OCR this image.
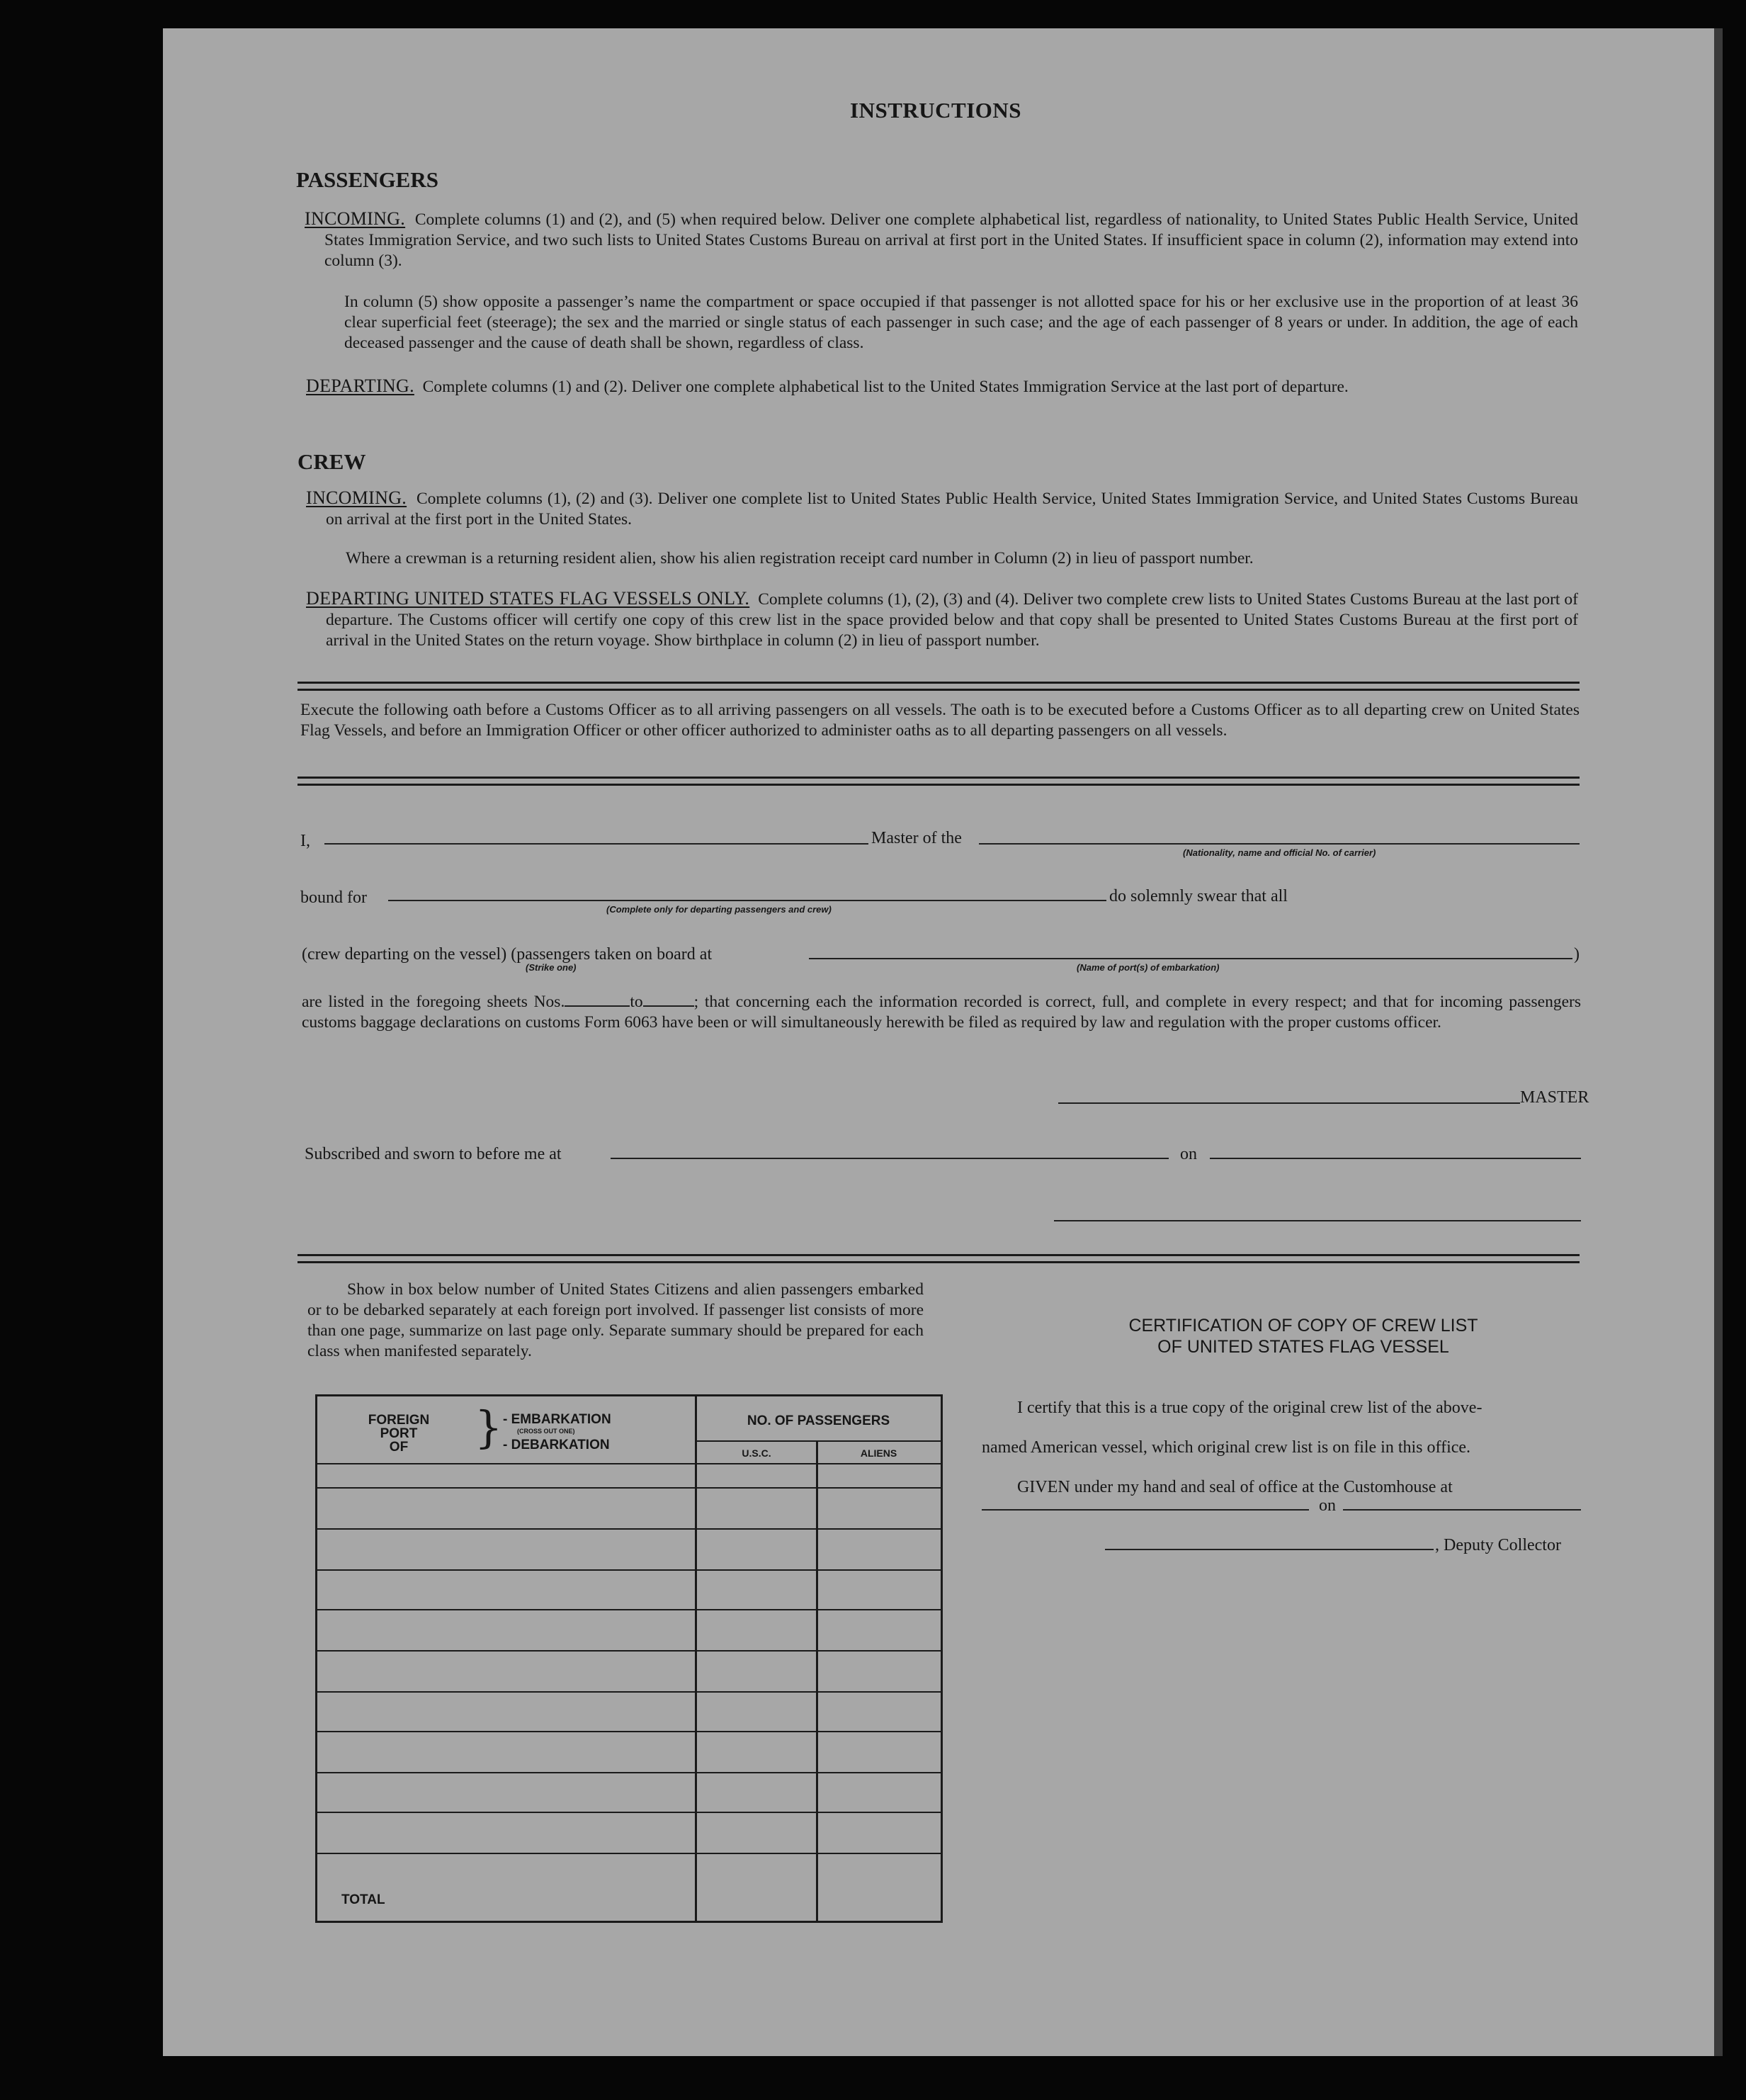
INSTRUCTIONS
PASSENGERS
INCOMING. Complete columns (1) and (2), and (5) when required below. Deliver one complete alphabetical list, regardless of nationality, to United States Public Health Service, United States Immigration Service, and two such lists to United States Customs Bureau on arrival at first port in the United States. If insufficient space in column (2), information may extend into column (3).
In column (5) show opposite a passenger’s name the compartment or space occupied if that passenger is not allotted space for his or her exclusive use in the proportion of at least 36 clear superficial feet (steerage); the sex and the married or single status of each passenger in such case; and the age of each passenger of 8 years or under. In addition, the age of each deceased passenger and the cause of death shall be shown, regardless of class.
DEPARTING. Complete columns (1) and (2). Deliver one complete alphabetical list to the United States Immigration Service at the last port of departure.
CREW
INCOMING. Complete columns (1), (2) and (3). Deliver one complete list to United States Public Health Service, United States Immigration Service, and United States Customs Bureau on arrival at the first port in the United States.
Where a crewman is a returning resident alien, show his alien registration receipt card number in Column (2) in lieu of passport number.
DEPARTING UNITED STATES FLAG VESSELS ONLY. Complete columns (1), (2), (3) and (4). Deliver two complete crew lists to United States Customs Bureau at the last port of departure. The Customs officer will certify one copy of this crew list in the space provided below and that copy shall be presented to United States Customs Bureau at the first port of arrival in the United States on the return voyage. Show birthplace in column (2) in lieu of passport number.
Execute the following oath before a Customs Officer as to all arriving passengers on all vessels. The oath is to be executed before a Customs Officer as to all departing crew on United States Flag Vessels, and before an Immigration Officer or other officer authorized to administer oaths as to all departing passengers on all vessels.
I,	Master of the
(Nationality, name and official No. of carrier)
bound for
(Complete only for departing passengers and crew)
do solemnly swear that all
(crew departing on the vessel) (passengers taken on board at
(Strike one)	(Name of port(s) of embarkation)
)
are listed in the foregoing sheets Nos.	to	; that concerning each the information recorded is correct, full, and complete in every respect; and that for incoming passengers customs baggage declarations on customs Form 6063 have been or will simultaneously herewith be filed as required by law and regulation with the proper customs officer.
MASTER
Subscribed and sworn to before me at	on
Show in box below number of United States Citizens and alien passengers embarked or to be debarked separately at each foreign port involved. If passenger list consists of more than one page, summarize on last page only. Separate summary should be prepared for each class when manifested separately.
FOREIGN
PORT
OF	} - EMBARKATION
(CROSS OUT ONE)
- DEBARKATION
NO. OF PASSENGERS
U.S.C.	ALIENS
TOTAL
CERTIFICATION OF COPY OF CREW LIST
OF UNITED STATES FLAG VESSEL
I certify that this is a true copy of the original crew list of the above-
named American vessel, which original crew list is on file in this office.
GIVEN under my hand and seal of office at the Customhouse at
on
, Deputy Collector
